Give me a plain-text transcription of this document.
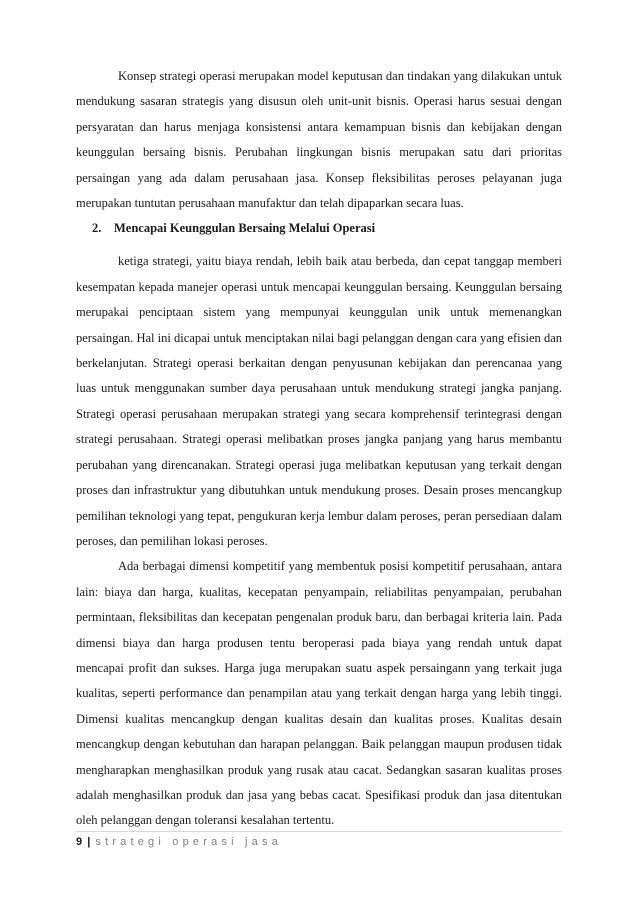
Konsep strategi operasi merupakan model keputusan dan tindakan yang dilakukan untuk mendukung sasaran strategis yang disusun oleh unit-unit bisnis. Operasi harus sesuai dengan persyaratan dan harus menjaga konsistensi antara kemampuan bisnis dan kebijakan dengan keunggulan bersaing bisnis. Perubahan lingkungan bisnis merupakan satu dari prioritas persaingan yang ada dalam perusahaan jasa. Konsep fleksibilitas peroses pelayanan juga merupakan tuntutan perusahaan manufaktur dan telah dipaparkan secara luas.

2. Mencapai Keunggulan Bersaing Melalui Operasi

ketiga strategi, yaitu biaya rendah, lebih baik atau berbeda, dan cepat tanggap memberi kesempatan kepada manejer operasi untuk mencapai keunggulan bersaing. Keunggulan bersaing merupakai penciptaan sistem yang mempunyai keunggulan unik untuk memenangkan persaingan. Hal ini dicapai untuk menciptakan nilai bagi pelanggan dengan cara yang efisien dan berkelanjutan. Strategi operasi berkaitan dengan penyusunan kebijakan dan perencanaa yang luas untuk menggunakan sumber daya perusahaan untuk mendukung strategi jangka panjang. Strategi operasi perusahaan merupakan strategi yang secara komprehensif terintegrasi dengan strategi perusahaan. Strategi operasi melibatkan proses jangka panjang yang harus membantu perubahan yang direncanakan. Strategi operasi juga melibatkan keputusan yang terkait dengan proses dan infrastruktur yang dibutuhkan untuk mendukung proses. Desain proses mencangkup pemilihan teknologi yang tepat, pengukuran kerja lembur dalam peroses, peran persediaan dalam peroses, dan pemilihan lokasi peroses.

Ada berbagai dimensi kompetitif yang membentuk posisi kompetitif perusahaan, antara lain: biaya dan harga, kualitas, kecepatan penyampain, reliabilitas penyampaian, perubahan permintaan, fleksibilitas dan kecepatan pengenalan produk baru, dan berbagai kriteria lain. Pada dimensi biaya dan harga produsen tentu beroperasi pada biaya yang rendah untuk dapat mencapai profit dan sukses. Harga juga merupakan suatu aspek persaingann yang terkait juga kualitas, seperti performance dan penampilan atau yang terkait dengan harga yang lebih tinggi. Dimensi kualitas mencangkup dengan kualitas desain dan kualitas proses. Kualitas desain mencangkup dengan kebutuhan dan harapan pelanggan. Baik pelanggan maupun produsen tidak mengharapkan menghasilkan produk yang rusak atau cacat. Sedangkan sasaran kualitas proses adalah menghasilkan produk dan jasa yang bebas cacat. Spesifikasi produk dan jasa ditentukan oleh pelanggan dengan toleransi kesalahan tertentu.

9 | strategi operasi jasa
